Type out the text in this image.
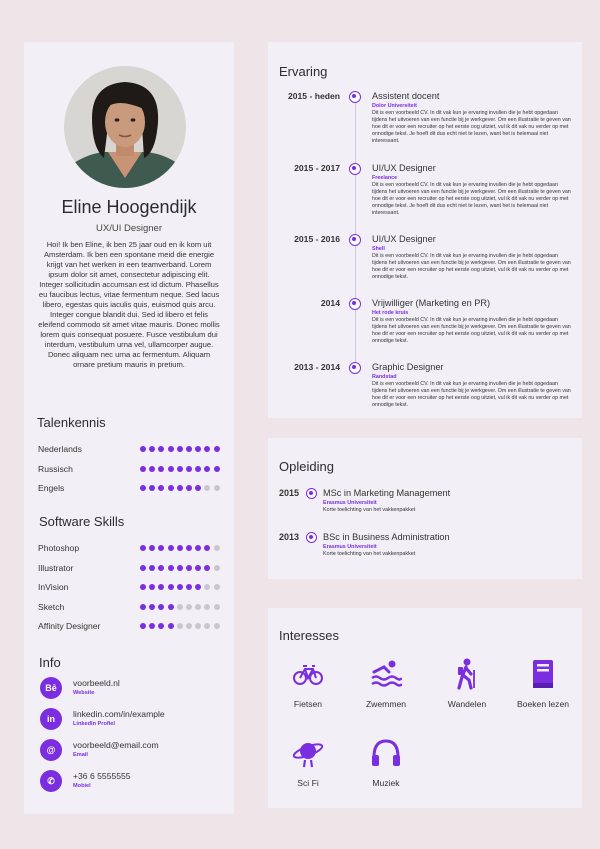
Eline Hoogendijk
UX/UI Designer
Hoi! Ik ben Eline, ik ben 25 jaar oud en ik kom uit Amsterdam. Ik ben een spontane meid die energie krijgt van het werken in een teamverband. Lorem ipsum dolor sit amet, consectetur adipiscing elit. Integer sollicitudin accumsan est id dictum. Phasellus eu faucibus lectus, vitae fermentum neque. Sed lacus libero, egestas quis iaculis quis, euismod quis arcu. Integer congue blandit dui. Sed id libero et felis eleifend commodo sit amet vitae mauris. Donec mollis lorem quis consequat posuere. Fusce vestibulum dui interdum, vestibulum urna vel, ullamcorper augue. Donec aliquam nec urna ac fermentum. Aliquam ornare pretium mauris in pretium.
Talenkennis
Nederlands
Russisch
Engels
Software Skills
Photoshop
Illustrator
InVision
Sketch
Affinity Designer
Info
Bē	voorbeeld.nl
Website
in	linkedin.com/in/example
LinkedIn Profiel
@	voorbeeld@email.com
Email
✆	+36 6 5555555
Mobiel
Ervaring
2015 - heden	Assistent docent
Dolor Universiteit
Dit is een voorbeeld CV. In dit vak kun je ervaring invullen die je hebt opgedaan tijdens het uitvoeren van een functie bij je werkgever. Om een illustratie te geven van hoe dit er voor een recruiter op het eerste oog uitziet, vul ik dit vak nu verder op met onnodige tekst. Je hoeft dit dus echt niet te lezen, want het is helemaal niet interessant.
2015 - 2017	UI/UX Designer
Freelance
Dit is een voorbeeld CV. In dit vak kun je ervaring invullen die je hebt opgedaan tijdens het uitvoeren van een functie bij je werkgever. Om een illustratie te geven van hoe dit er voor een recruiter op het eerste oog uitziet, vul ik dit vak nu verder op met onnodige tekst. Je hoeft dit dus echt niet te lezen, want het is helemaal niet interessant.
2015 - 2016	UI/UX Designer
Shell
Dit is een voorbeeld CV. In dit vak kun je ervaring invullen die je hebt opgedaan tijdens het uitvoeren van een functie bij je werkgever. Om een illustratie te geven van hoe dit er voor een recruiter op het eerste oog uitziet, vul ik dit vak nu verder op met onnodige tekst.
2014	Vrijwilliger (Marketing en PR)
Het rode kruis
Dit is een voorbeeld CV. In dit vak kun je ervaring invullen die je hebt opgedaan tijdens het uitvoeren van een functie bij je werkgever. Om een illustratie te geven van hoe dit er voor een recruiter op het eerste oog uitziet, vul ik dit vak nu verder op met onnodige tekst.
2013 - 2014	Graphic Designer
Randstad
Dit is een voorbeeld CV. In dit vak kun je ervaring invullen die je hebt opgedaan tijdens het uitvoeren van een functie bij je werkgever. Om een illustratie te geven van hoe dit er voor een recruiter op het eerste oog uitziet, vul ik dit vak nu verder op met onnodige tekst.
Opleiding
2015	MSc in Marketing Management
Erasmus Universiteit
Korte toelichting van het vakkenpakket
2013	BSc in Business Administration
Erasmus Universiteit
Korte toelichting van het vakkenpakket
Interesses
Fietsen	Zwemmen	Wandelen	Boeken lezen
Sci Fi	Muziek
